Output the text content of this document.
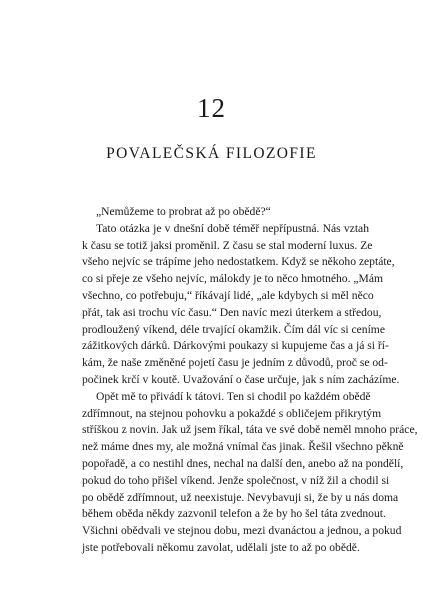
12
POVALEČSKÁ FILOZOFIE
„Nemůžeme to probrat až po obědě?“
Tato otázka je v dnešní době téměř nepřípustná. Nás vztah
k času se totiž jaksi proměnil. Z času se stal moderní luxus. Ze
všeho nejvíc se trápíme jeho nedostatkem. Když se někoho zeptáte,
co si přeje ze všeho nejvíc, málokdy je to něco hmotného. „Mám
všechno, co potřebuju,“ říkávají lidé, „ale kdybych si měl něco
přát, tak asi trochu víc času.“ Den navíc mezi úterkem a středou,
prodloužený víkend, déle trvající okamžik. Čím dál víc si ceníme
zážitkových dárků. Dárkovými poukazy si kupujeme čas a já si ří-
kám, že naše změněné pojetí času je jedním z důvodů, proč se od-
počinek krčí v koutě. Uvažování o čase určuje, jak s ním zacházíme.
Opět mě to přivádí k tátovi. Ten si chodil po každém obědě
zdřímnout, na stejnou pohovku a pokaždé s obličejem přikrytým
stříškou z novin. Jak už jsem říkal, táta ve své době neměl mnoho práce,
než máme dnes my, ale možná vnímal čas jinak. Řešil všechno pěkně
popořadě, a co nestihl dnes, nechal na další den, anebo až na pondělí,
pokud do toho přišel víkend. Jenže společnost, v níž žil a chodil si
po obědě zdřímnout, už neexistuje. Nevybavuji si, že by u nás doma
během oběda někdy zazvonil telefon a že by ho šel táta zvednout.
Všichni obědvali ve stejnou dobu, mezi dvanáctou a jednou, a pokud
jste potřebovali někomu zavolat, udělali jste to až po obědě.
